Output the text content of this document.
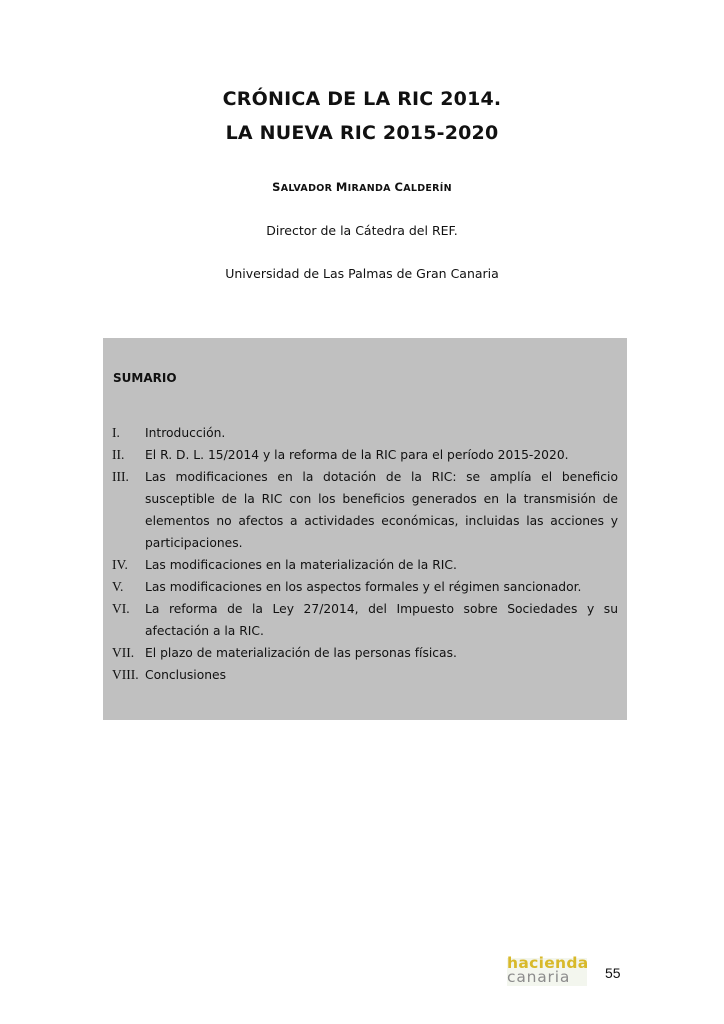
CRÓNICA DE LA RIC 2014.
LA NUEVA RIC 2015-2020
SALVADOR MIRANDA CALDERÍN
Director de la Cátedra del REF.
Universidad de Las Palmas de Gran Canaria
SUMARIO
I. Introducción.
II. El R. D. L. 15/2014 y la reforma de la RIC para el período 2015-2020.
III. Las modificaciones en la dotación de la RIC: se amplía el beneficio susceptible de la RIC con los beneficios generados en la transmisión de elementos no afectos a actividades económicas, incluidas las acciones y participaciones.
IV. Las modificaciones en la materialización de la RIC.
V. Las modificaciones en los aspectos formales y el régimen sancionador.
VI. La reforma de la Ley 27/2014, del Impuesto sobre Sociedades y su afectación a la RIC.
VII. El plazo de materialización de las personas físicas.
VIII. Conclusiones
canaria
hacienda
55
